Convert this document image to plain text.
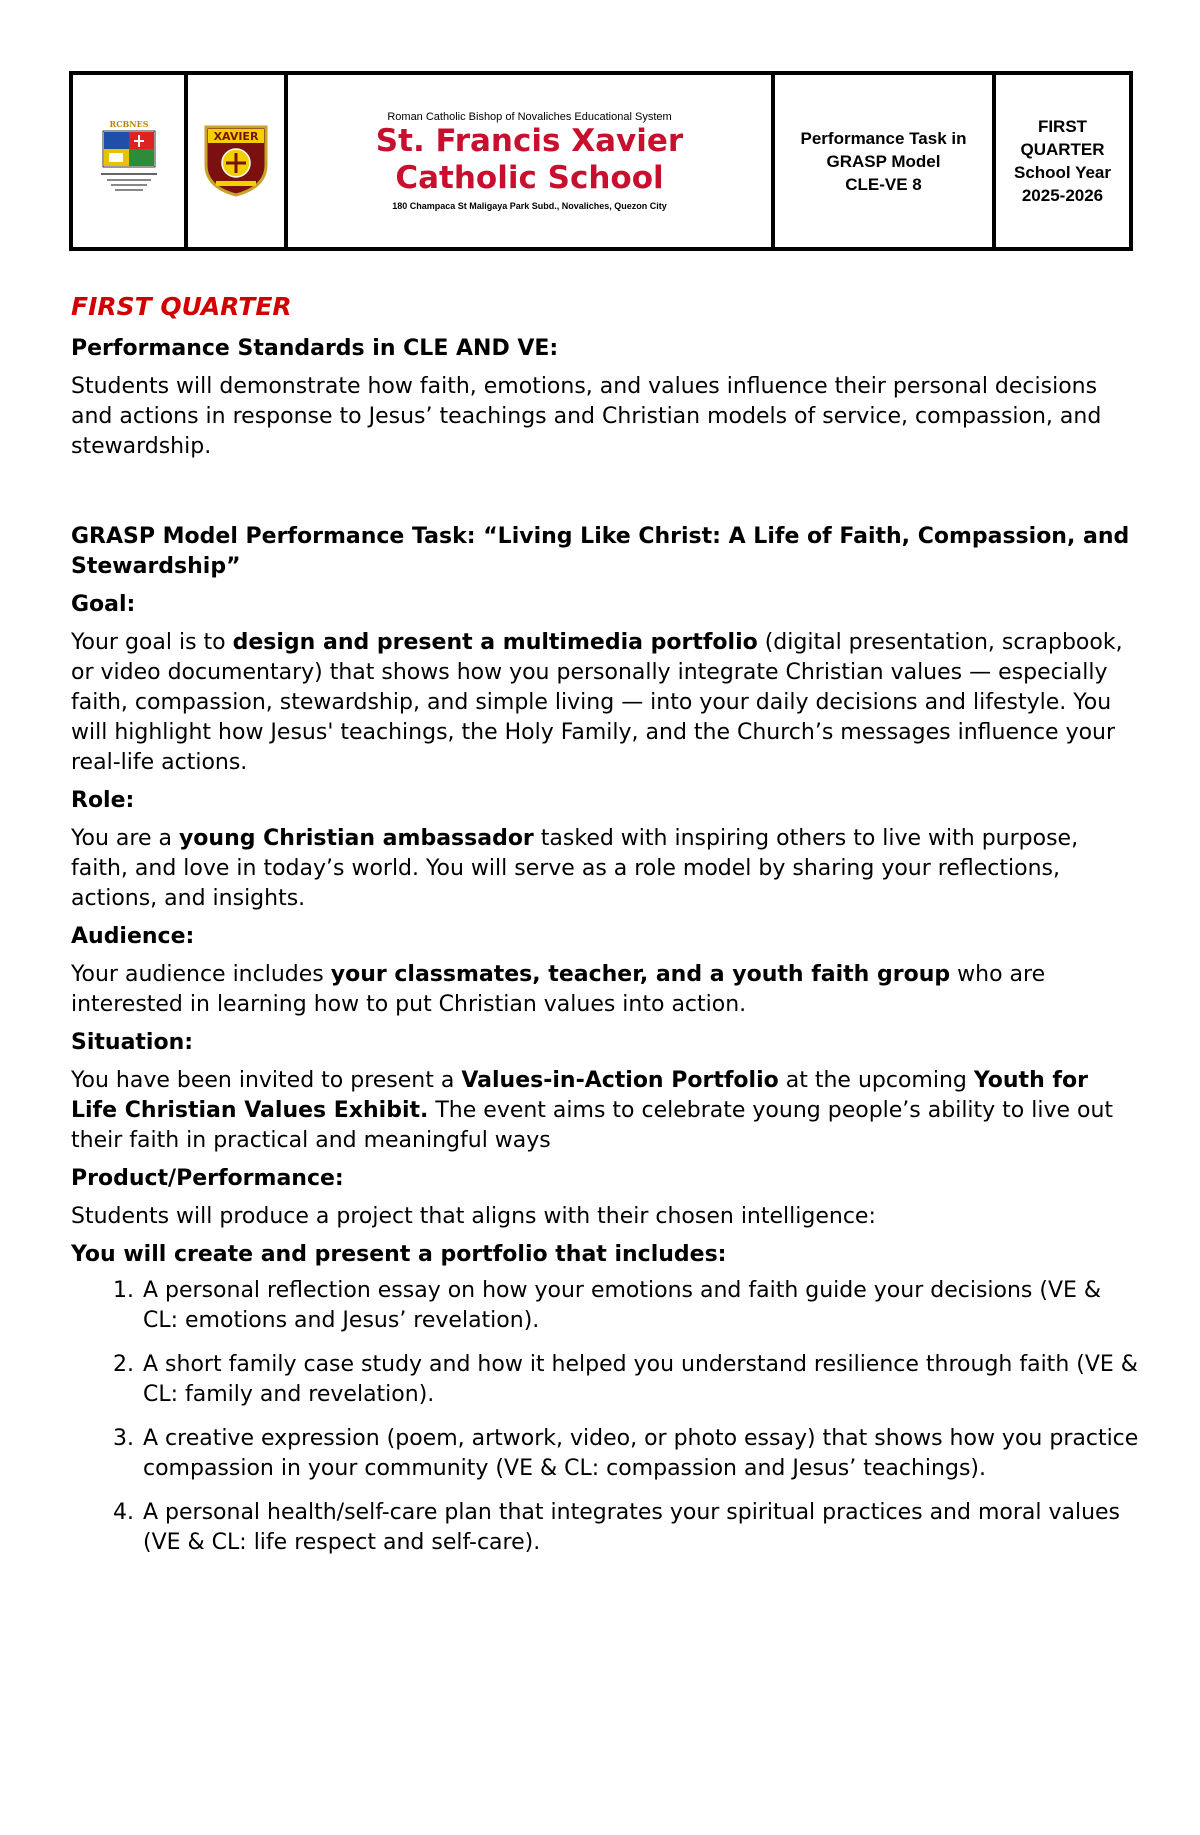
RCBNES
XAVIER
Roman Catholic Bishop of Novaliches Educational System
St. Francis Xavier
Catholic School
180 Champaca St Maligaya Park Subd., Novaliches, Quezon City
Performance Task in
GRASP Model
CLE-VE 8
FIRST
QUARTER
School Year
2025-2026

FIRST QUARTER

Performance Standards in CLE AND VE:

Students will demonstrate how faith, emotions, and values influence their personal decisions and actions in response to Jesus’ teachings and Christian models of service, compassion, and stewardship.

GRASP Model Performance Task: “Living Like Christ: A Life of Faith, Compassion, and Stewardship”

Goal:

Your goal is to design and present a multimedia portfolio (digital presentation, scrapbook, or video documentary) that shows how you personally integrate Christian values — especially faith, compassion, stewardship, and simple living — into your daily decisions and lifestyle. You will highlight how Jesus' teachings, the Holy Family, and the Church’s messages influence your real-life actions.

Role:

You are a young Christian ambassador tasked with inspiring others to live with purpose, faith, and love in today’s world. You will serve as a role model by sharing your reflections, actions, and insights.

Audience:

Your audience includes your classmates, teacher, and a youth faith group who are interested in learning how to put Christian values into action.

Situation:

You have been invited to present a Values-in-Action Portfolio at the upcoming Youth for Life Christian Values Exhibit. The event aims to celebrate young people’s ability to live out their faith in practical and meaningful ways

Product/Performance:

Students will produce a project that aligns with their chosen intelligence:

You will create and present a portfolio that includes:

1. A personal reflection essay on how your emotions and faith guide your decisions (VE & CL: emotions and Jesus’ revelation).
2. A short family case study and how it helped you understand resilience through faith (VE & CL: family and revelation).
3. A creative expression (poem, artwork, video, or photo essay) that shows how you practice compassion in your community (VE & CL: compassion and Jesus’ teachings).
4. A personal health/self-care plan that integrates your spiritual practices and moral values (VE & CL: life respect and self-care).
